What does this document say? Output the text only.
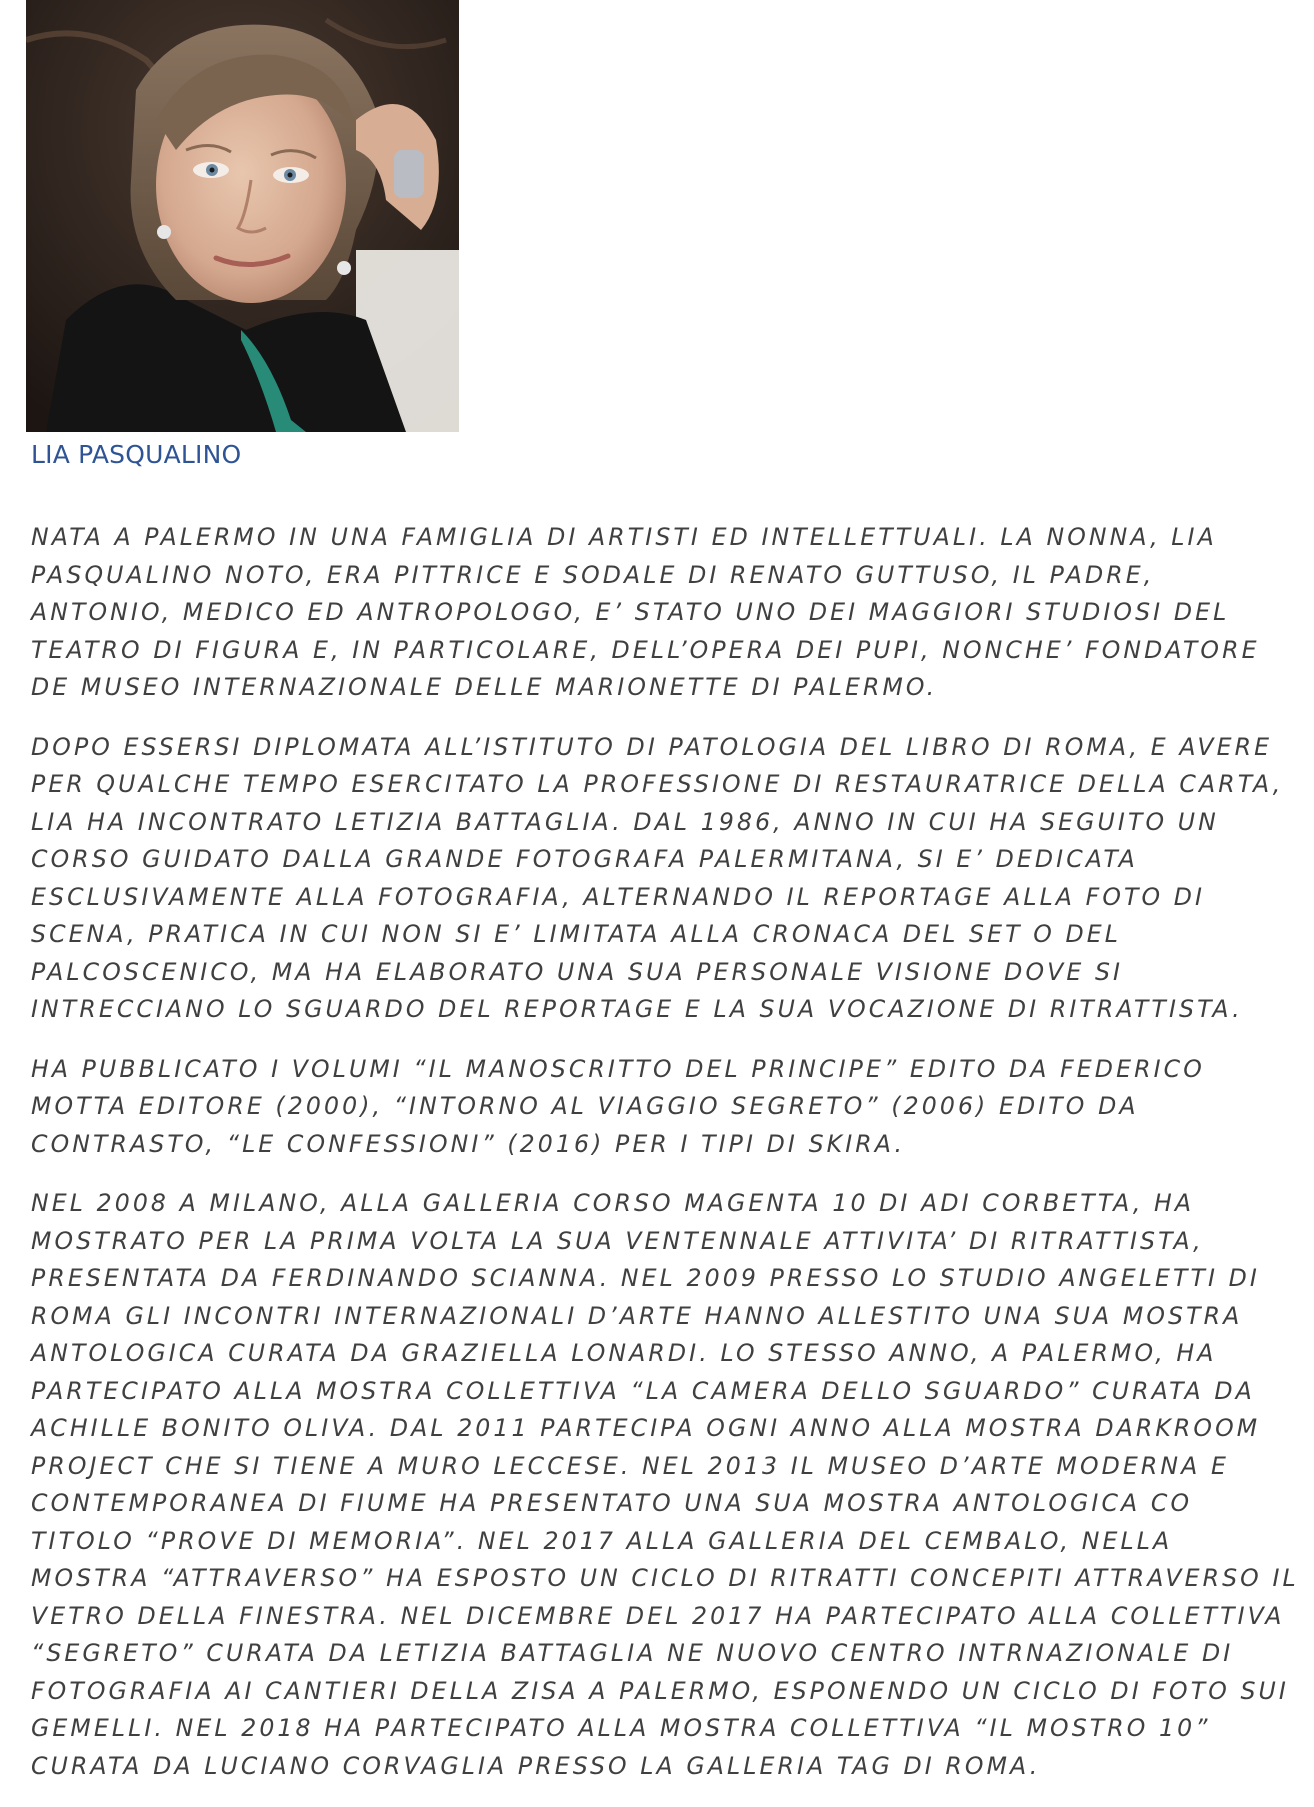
LIA PASQUALINO

NATA A PALERMO IN UNA FAMIGLIA DI ARTISTI ED INTELLETTUALI. LA NONNA, LIA PASQUALINO NOTO, ERA PITTRICE E SODALE DI RENATO GUTTUSO, IL PADRE, ANTONIO, MEDICO ED ANTROPOLOGO, E’ STATO UNO DEI MAGGIORI STUDIOSI DEL TEATRO DI FIGURA E, IN PARTICOLARE, DELL’OPERA DEI PUPI, NONCHE’ FONDATORE DE MUSEO INTERNAZIONALE DELLE MARIONETTE DI PALERMO.

DOPO ESSERSI DIPLOMATA ALL’ISTITUTO DI PATOLOGIA DEL LIBRO DI ROMA, E AVERE PER QUALCHE TEMPO ESERCITATO LA PROFESSIONE DI RESTAURATRICE DELLA CARTA, LIA HA INCONTRATO LETIZIA BATTAGLIA. DAL 1986, ANNO IN CUI HA SEGUITO UN CORSO GUIDATO DALLA GRANDE FOTOGRAFA PALERMITANA, SI E’ DEDICATA ESCLUSIVAMENTE ALLA FOTOGRAFIA, ALTERNANDO IL REPORTAGE ALLA FOTO DI SCENA, PRATICA IN CUI NON SI E’ LIMITATA ALLA CRONACA DEL SET O DEL PALCOSCENICO, MA HA ELABORATO UNA SUA PERSONALE VISIONE DOVE SI INTRECCIANO LO SGUARDO DEL REPORTAGE E LA SUA VOCAZIONE DI RITRATTISTA.

HA PUBBLICATO I VOLUMI “IL MANOSCRITTO DEL PRINCIPE” EDITO DA FEDERICO MOTTA EDITORE (2000), “INTORNO AL VIAGGIO SEGRETO” (2006) EDITO DA CONTRASTO, “LE CONFESSIONI” (2016) PER I TIPI DI SKIRA.

NEL 2008 A MILANO, ALLA GALLERIA CORSO MAGENTA 10 DI ADI CORBETTA, HA MOSTRATO PER LA PRIMA VOLTA LA SUA VENTENNALE ATTIVITA’ DI RITRATTISTA, PRESENTATA DA FERDINANDO SCIANNA. NEL 2009 PRESSO LO STUDIO ANGELETTI DI ROMA GLI INCONTRI INTERNAZIONALI D’ARTE HANNO ALLESTITO UNA SUA MOSTRA ANTOLOGICA CURATA DA GRAZIELLA LONARDI. LO STESSO ANNO, A PALERMO, HA PARTECIPATO ALLA MOSTRA COLLETTIVA “LA CAMERA DELLO SGUARDO” CURATA DA ACHILLE BONITO OLIVA. DAL 2011 PARTECIPA OGNI ANNO ALLA MOSTRA DARKROOM PROJECT CHE SI TIENE A MURO LECCESE. NEL 2013 IL MUSEO D’ARTE MODERNA E CONTEMPORANEA DI FIUME HA PRESENTATO UNA SUA MOSTRA ANTOLOGICA CO TITOLO “PROVE DI MEMORIA”. NEL 2017 ALLA GALLERIA DEL CEMBALO, NELLA MOSTRA “ATTRAVERSO” HA ESPOSTO UN CICLO DI RITRATTI CONCEPITI ATTRAVERSO IL VETRO DELLA FINESTRA. NEL DICEMBRE DEL 2017 HA PARTECIPATO ALLA COLLETTIVA “SEGRETO” CURATA DA LETIZIA BATTAGLIA NE NUOVO CENTRO INTRNAZIONALE DI FOTOGRAFIA AI CANTIERI DELLA ZISA A PALERMO, ESPONENDO UN CICLO DI FOTO SUI GEMELLI. NEL 2018 HA PARTECIPATO ALLA MOSTRA COLLETTIVA “IL MOSTRO 10” CURATA DA LUCIANO CORVAGLIA PRESSO LA GALLERIA TAG DI ROMA.
